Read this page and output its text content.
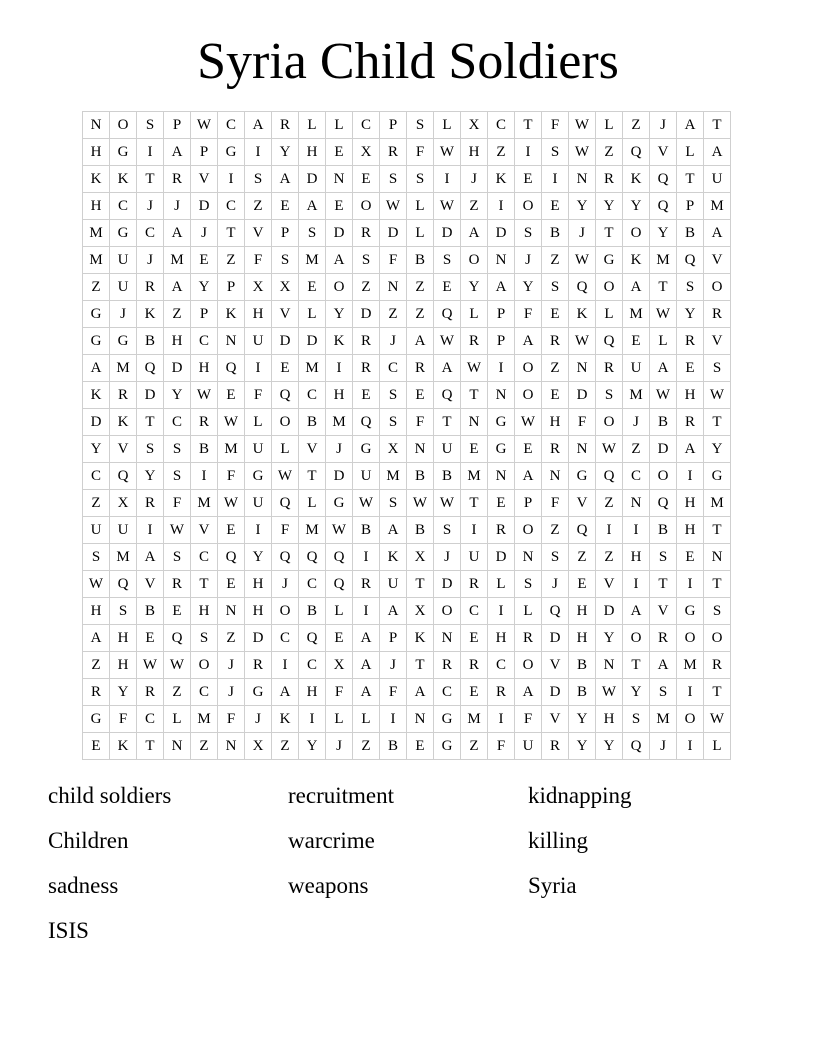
Syria Child Soldiers
N	O	S	P	W	C	A	R	L	L	C	P	S	L	X	C	T	F	W	L	Z	J	A	T
H	G	I	A	P	G	I	Y	H	E	X	R	F	W	H	Z	I	S	W	Z	Q	V	L	A
K	K	T	R	V	I	S	A	D	N	E	S	S	I	J	K	E	I	N	R	K	Q	T	U
H	C	J	J	D	C	Z	E	A	E	O	W	L	W	Z	I	O	E	Y	Y	Y	Q	P	M
M	G	C	A	J	T	V	P	S	D	R	D	L	D	A	D	S	B	J	T	O	Y	B	A
M	U	J	M	E	Z	F	S	M	A	S	F	B	S	O	N	J	Z	W	G	K	M	Q	V
Z	U	R	A	Y	P	X	X	E	O	Z	N	Z	E	Y	A	Y	S	Q	O	A	T	S	O
G	J	K	Z	P	K	H	V	L	Y	D	Z	Z	Q	L	P	F	E	K	L	M	W	Y	R
G	G	B	H	C	N	U	D	D	K	R	J	A	W	R	P	A	R	W	Q	E	L	R	V
A	M	Q	D	H	Q	I	E	M	I	R	C	R	A	W	I	O	Z	N	R	U	A	E	S
K	R	D	Y	W	E	F	Q	C	H	E	S	E	Q	T	N	O	E	D	S	M	W	H	W
D	K	T	C	R	W	L	O	B	M	Q	S	F	T	N	G	W	H	F	O	J	B	R	T
Y	V	S	S	B	M	U	L	V	J	G	X	N	U	E	G	E	R	N	W	Z	D	A	Y
C	Q	Y	S	I	F	G	W	T	D	U	M	B	B	M	N	A	N	G	Q	C	O	I	G
Z	X	R	F	M	W	U	Q	L	G	W	S	W	W	T	E	P	F	V	Z	N	Q	H	M
U	U	I	W	V	E	I	F	M	W	B	A	B	S	I	R	O	Z	Q	I	I	B	H	T
S	M	A	S	C	Q	Y	Q	Q	Q	I	K	X	J	U	D	N	S	Z	Z	H	S	E	N
W	Q	V	R	T	E	H	J	C	Q	R	U	T	D	R	L	S	J	E	V	I	T	I	T
H	S	B	E	H	N	H	O	B	L	I	A	X	O	C	I	L	Q	H	D	A	V	G	S
A	H	E	Q	S	Z	D	C	Q	E	A	P	K	N	E	H	R	D	H	Y	O	R	O	O
Z	H	W	W	O	J	R	I	C	X	A	J	T	R	R	C	O	V	B	N	T	A	M	R
R	Y	R	Z	C	J	G	A	H	F	A	F	A	C	E	R	A	D	B	W	Y	S	I	T
G	F	C	L	M	F	J	K	I	L	L	I	N	G	M	I	F	V	Y	H	S	M	O	W
E	K	T	N	Z	N	X	Z	Y	J	Z	B	E	G	Z	F	U	R	Y	Y	Q	J	I	L
child soldiers	recruitment	kidnapping
Children	warcrime	killing
sadness	weapons	Syria
ISIS
